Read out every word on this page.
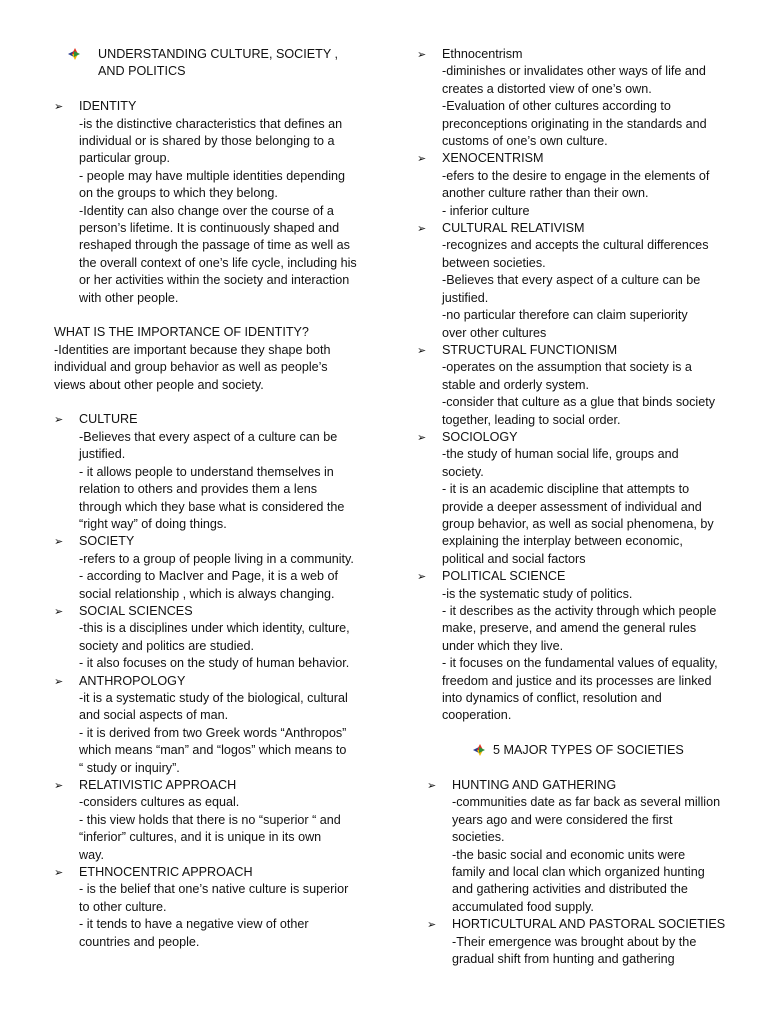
UNDERSTANDING CULTURE, SOCIETY ,

AND POLITICS

➢	IDENTITY

-is the distinctive characteristics that defines an

individual or is shared by those belonging to a

particular group.

- people may have multiple identities depending

on the groups to which they belong.

-Identity can also change over the course of a

person’s lifetime. It is continuously shaped and

reshaped through the passage of time as well as

the overall context of one’s life cycle, including his

or her activities within the society and interaction

with other people.

WHAT IS THE IMPORTANCE OF IDENTITY?

-Identities are important because they shape both

individual and group behavior as well as people’s

views about other people and society.

➢	CULTURE

-Believes that every aspect of a culture can be

justified.

- it allows people to understand themselves in

relation to others and provides them a lens

through which they base what is considered the

“right way” of doing things.

➢	SOCIETY

-refers to a group of people living in a community.

- according to MacIver and Page, it is a web of

social relationship , which is always changing.

➢	SOCIAL SCIENCES

-this is a disciplines under which identity, culture,

society and politics are studied.

- it also focuses on the study of human behavior.

➢	ANTHROPOLOGY

-it is a systematic study of the biological, cultural

and social aspects of man.

- it is derived from two Greek words “Anthropos”

which means “man” and “logos” which means to

“ study or inquiry”.

➢	RELATIVISTIC APPROACH

-considers cultures as equal.

- this view holds that there is no “superior “ and

“inferior” cultures, and it is unique in its own

way.

➢	ETHNOCENTRIC APPROACH

- is the belief that one’s native culture is superior

to other culture.

- it tends to have a negative view of other

countries and people.

➢	Ethnocentrism

-diminishes or invalidates other ways of life and

creates a distorted view of one’s own.

-Evaluation of other cultures according to

preconceptions originating in the standards and

customs of one’s own culture.

➢	XENOCENTRISM

-efers to the desire to engage in the elements of

another culture rather than their own.

- inferior culture

➢	CULTURAL RELATIVISM

-recognizes and accepts the cultural differences

between societies.

-Believes that every aspect of a culture can be

justified.

-no particular therefore can claim superiority

over other cultures

➢	STRUCTURAL FUNCTIONISM

-operates on the assumption that society is a

stable and orderly system.

-consider that culture as a glue that binds society

together, leading to social order.

➢	SOCIOLOGY

-the study of human social life, groups and

society.

- it is an academic discipline that attempts to

provide a deeper assessment of individual and

group behavior, as well as social phenomena, by

explaining the interplay between economic,

political and social factors

➢	POLITICAL SCIENCE

-is the systematic study of politics.

- it describes as the activity through which people

make, preserve, and amend the general rules

under which they live.

- it focuses on the fundamental values of equality,

freedom and justice and its processes are linked

into dynamics of conflict, resolution and

cooperation.

5 MAJOR TYPES OF SOCIETIES

➢	HUNTING AND GATHERING

-communities date as far back as several million

years ago and were considered the first

societies.

-the basic social and economic units were

family and local clan which organized hunting

and gathering activities and distributed the

accumulated food supply.

➢	HORTICULTURAL AND PASTORAL SOCIETIES

-Their emergence was brought about by the

gradual shift from hunting and gathering
